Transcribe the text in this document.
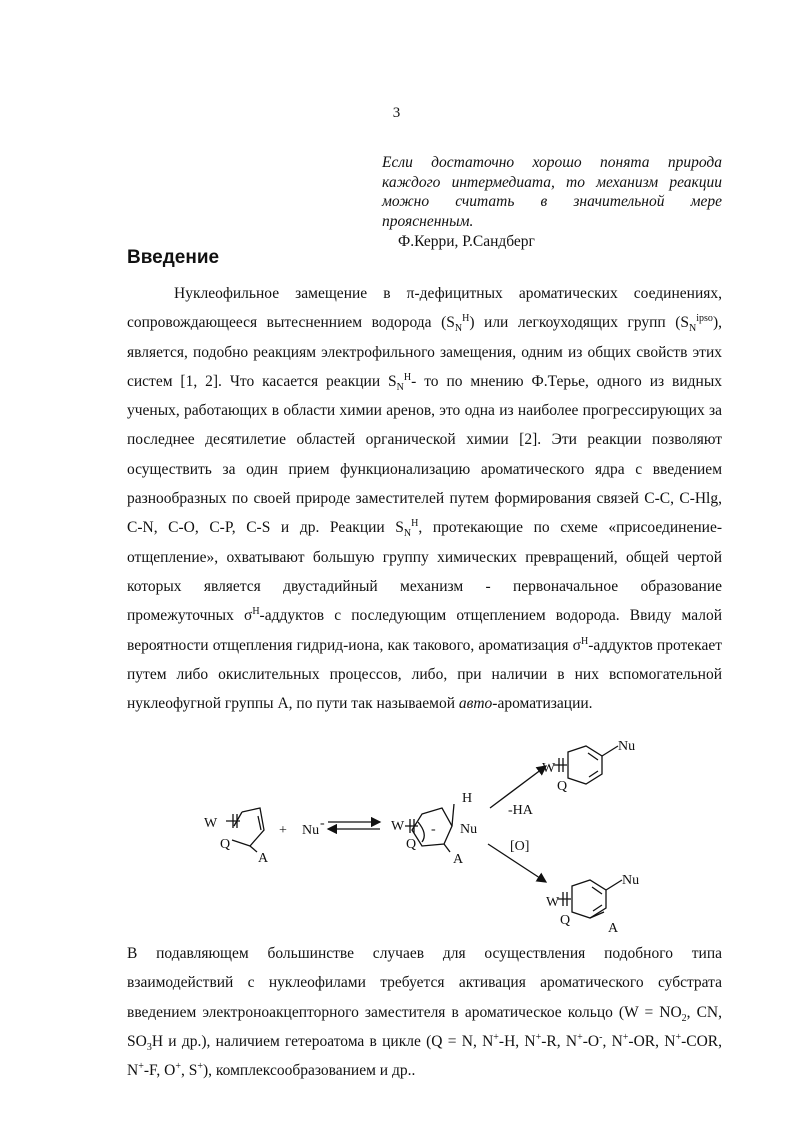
3
Если достаточно хорошо понята природа каждого интермедиата, то механизм реакции можно считать в значительной мере проясненным.
Ф.Керри, Р.Сандберг
Введение

Нуклеофильное замещение в π-дефицитных ароматических соединениях, сопровождающееся вытесненнием водорода $(S_N^H)$ или легкоуходящих групп $(S_N^{ipso})$, является, подобно реакциям электрофильного замещения, одним из общих свойств этих систем [1, 2]. Что касается реакции $S_N^H-$ то по мнению Ф.Терье, одного из видных ученых, работающих в области химии аренов, это одна из наиболее прогрессирующих за последнее десятилетие областей органической химии [2]. Эти реакции позволяют осуществить за один прием функционализацию ароматического ядра с введением разнообразных по своей природе заместителей путем формирования связей C-C, C-Hlg, C-N, C-O, C-P, C-S и др. Реакции $S_N^H$, протекающие по схеме «присоединение-отщепление», охватывают большую группу химических превращений, общей чертой которых является двустадийный механизм - первоначальное образование промежуточных $\sigma^H$-аддуктов с последующим отщеплением водорода. Ввиду малой вероятности отщепления гидрид-иона, как такового, ароматизация $\sigma^H$-аддуктов протекает путем либо окислительных процессов, либо, при наличии в них вспомогательной нуклеофугной группы А, по пути так называемой авто-ароматизации.

W
Q
A
+ Nu -	W
Q
-
H
Nu
A
-HA
[O]
W
Q
Nu
W
Q
Nu
A

В подавляющем большинстве случаев для осуществления подобного типа взаимодействий с нуклеофилами требуется активация ароматического субстрата введением электроноакцепторного заместителя в ароматическое кольцо ($W = NO_2$, CN, $SO_3H$ и др.), наличием гетероатома в цикле (Q = N, N+-H, N+-R, N+-O-, N+-OR, N+-COR, N+-F, O+, S+), комплексообразованием и др..
